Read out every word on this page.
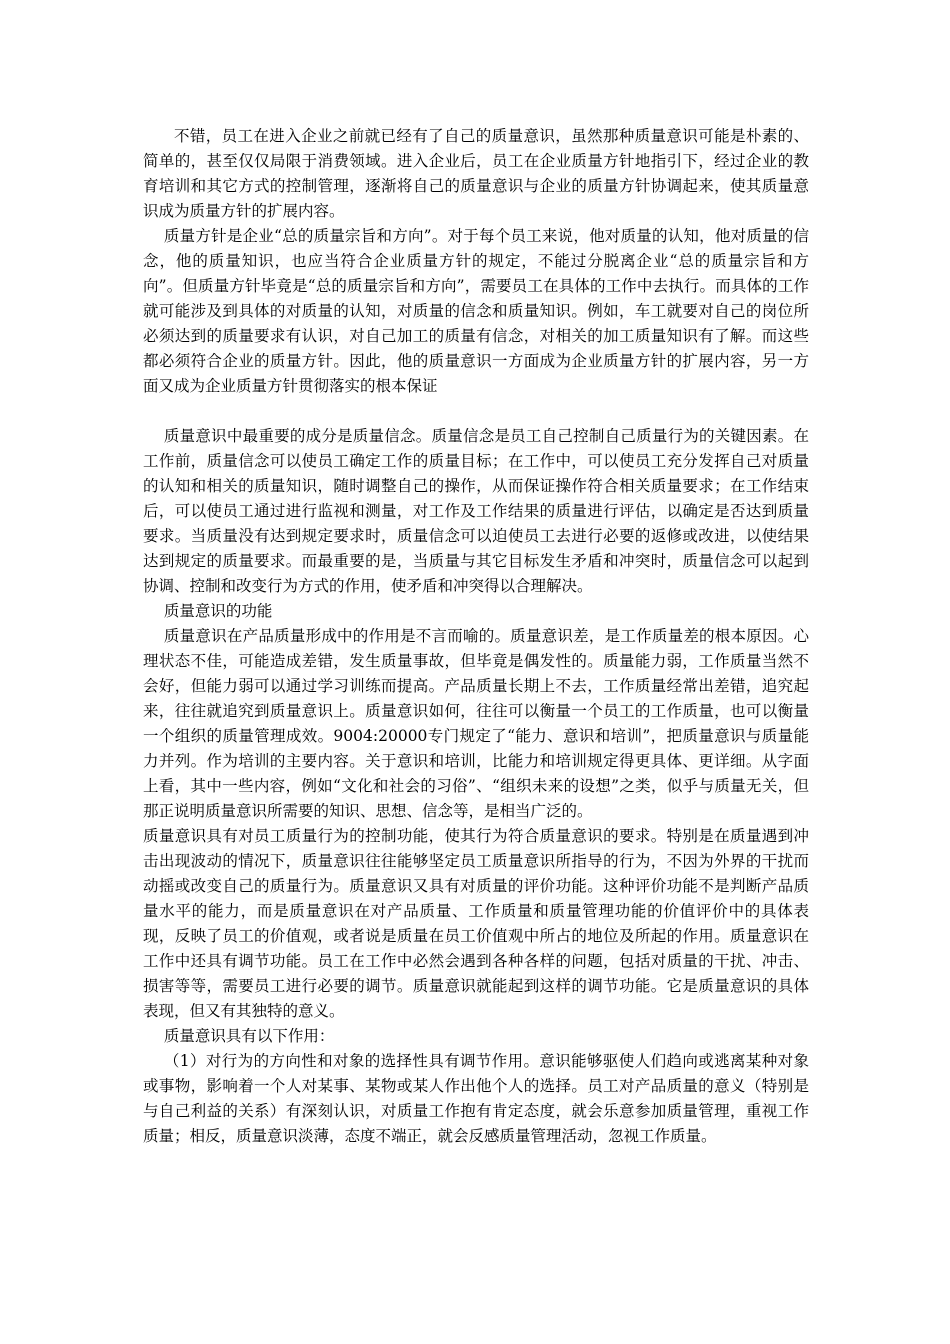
不错，员工在进入企业之前就已经有了自己的质量意识，虽然那种质量意识可能是朴素的、简单的，甚至仅仅局限于消费领域。进入企业后，员工在企业质量方针地指引下，经过企业的教育培训和其它方式的控制管理，逐渐将自己的质量意识与企业的质量方针协调起来，使其质量意识成为质量方针的扩展内容。

质量方针是企业“总的质量宗旨和方向”。对于每个员工来说，他对质量的认知，他对质量的信念，他的质量知识，也应当符合企业质量方针的规定，不能过分脱离企业“总的质量宗旨和方向”。但质量方针毕竟是“总的质量宗旨和方向”，需要员工在具体的工作中去执行。而具体的工作就可能涉及到具体的对质量的认知，对质量的信念和质量知识。例如，车工就要对自己的岗位所必须达到的质量要求有认识，对自己加工的质量有信念，对相关的加工质量知识有了解。而这些都必须符合企业的质量方针。因此，他的质量意识一方面成为企业质量方针的扩展内容，另一方面又成为企业质量方针贯彻落实的根本保证

质量意识中最重要的成分是质量信念。质量信念是员工自己控制自己质量行为的关键因素。在工作前，质量信念可以使员工确定工作的质量目标；在工作中，可以使员工充分发挥自己对质量的认知和相关的质量知识，随时调整自己的操作，从而保证操作符合相关质量要求；在工作结束后，可以使员工通过进行监视和测量，对工作及工作结果的质量进行评估，以确定是否达到质量要求。当质量没有达到规定要求时，质量信念可以迫使员工去进行必要的返修或改进，以使结果达到规定的质量要求。而最重要的是，当质量与其它目标发生矛盾和冲突时，质量信念可以起到协调、控制和改变行为方式的作用，使矛盾和冲突得以合理解决。

质量意识的功能

质量意识在产品质量形成中的作用是不言而喻的。质量意识差，是工作质量差的根本原因。心理状态不佳，可能造成差错，发生质量事故，但毕竟是偶发性的。质量能力弱，工作质量当然不会好，但能力弱可以通过学习训练而提高。产品质量长期上不去，工作质量经常出差错，追究起来，往往就追究到质量意识上。质量意识如何，往往可以衡量一个员工的工作质量，也可以衡量一个组织的质量管理成效。9004:20000专门规定了“能力、意识和培训”，把质量意识与质量能力并列。作为培训的主要内容。关于意识和培训，比能力和培训规定得更具体、更详细。从字面上看，其中一些内容，例如“文化和社会的习俗”、“组织未来的设想”之类，似乎与质量无关，但那正说明质量意识所需要的知识、思想、信念等，是相当广泛的。

质量意识具有对员工质量行为的控制功能，使其行为符合质量意识的要求。特别是在质量遇到冲击出现波动的情况下，质量意识往往能够坚定员工质量意识所指导的行为，不因为外界的干扰而动摇或改变自己的质量行为。质量意识又具有对质量的评价功能。这种评价功能不是判断产品质量水平的能力，而是质量意识在对产品质量、工作质量和质量管理功能的价值评价中的具体表现，反映了员工的价值观，或者说是质量在员工价值观中所占的地位及所起的作用。质量意识在工作中还具有调节功能。员工在工作中必然会遇到各种各样的问题，包括对质量的干扰、冲击、损害等等，需要员工进行必要的调节。质量意识就能起到这样的调节功能。它是质量意识的具体表现，但又有其独特的意义。

质量意识具有以下作用：

（1）对行为的方向性和对象的选择性具有调节作用。意识能够驱使人们趋向或逃离某种对象或事物，影响着一个人对某事、某物或某人作出他个人的选择。员工对产品质量的意义（特别是与自己利益的关系）有深刻认识，对质量工作抱有肯定态度，就会乐意参加质量管理，重视工作质量；相反，质量意识淡薄，态度不端正，就会反感质量管理活动，忽视工作质量。
